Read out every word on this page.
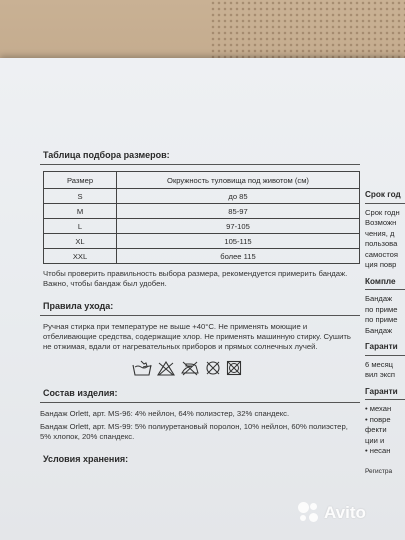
Таблица подбора размеров:
Размер	Окружность туловища под животом (см)
S	до 85
M	85-97
L	97-105
XL	105-115
XXL	более 115

Чтобы проверить правильность выбора размера, рекомендуется примерить бандаж. Важно, чтобы бандаж был удобен.

Правила ухода:

Ручная стирка при температуре не выше +40°С. Не применять моющие и отбеливающие средства, содержащие хлор. Не применять машинную стирку. Сушить не отжимая, вдали от нагревательных приборов и прямых солнечных лучей.

Состав изделия:

Бандаж Orlett, арт. MS-96: 4% нейлон, 64% полиэстер, 32% спандекс.

Бандаж Orlett, арт. MS-99: 5% полиуретановый поролон, 10% нейлон, 60% полиэстер, 5% хлопок, 20% спандекс.

Условия хранения:

Срок год

Срок годн

Возможн

чения, д

пользова

самостоя

ция повр

Компле

Бандаж

по приме

по приме

Бандаж

Гаранти

6 месяц

вил эксп

Гаранти

• механ

• повре

фекти

ции и

• несан

Регистра

Avito
